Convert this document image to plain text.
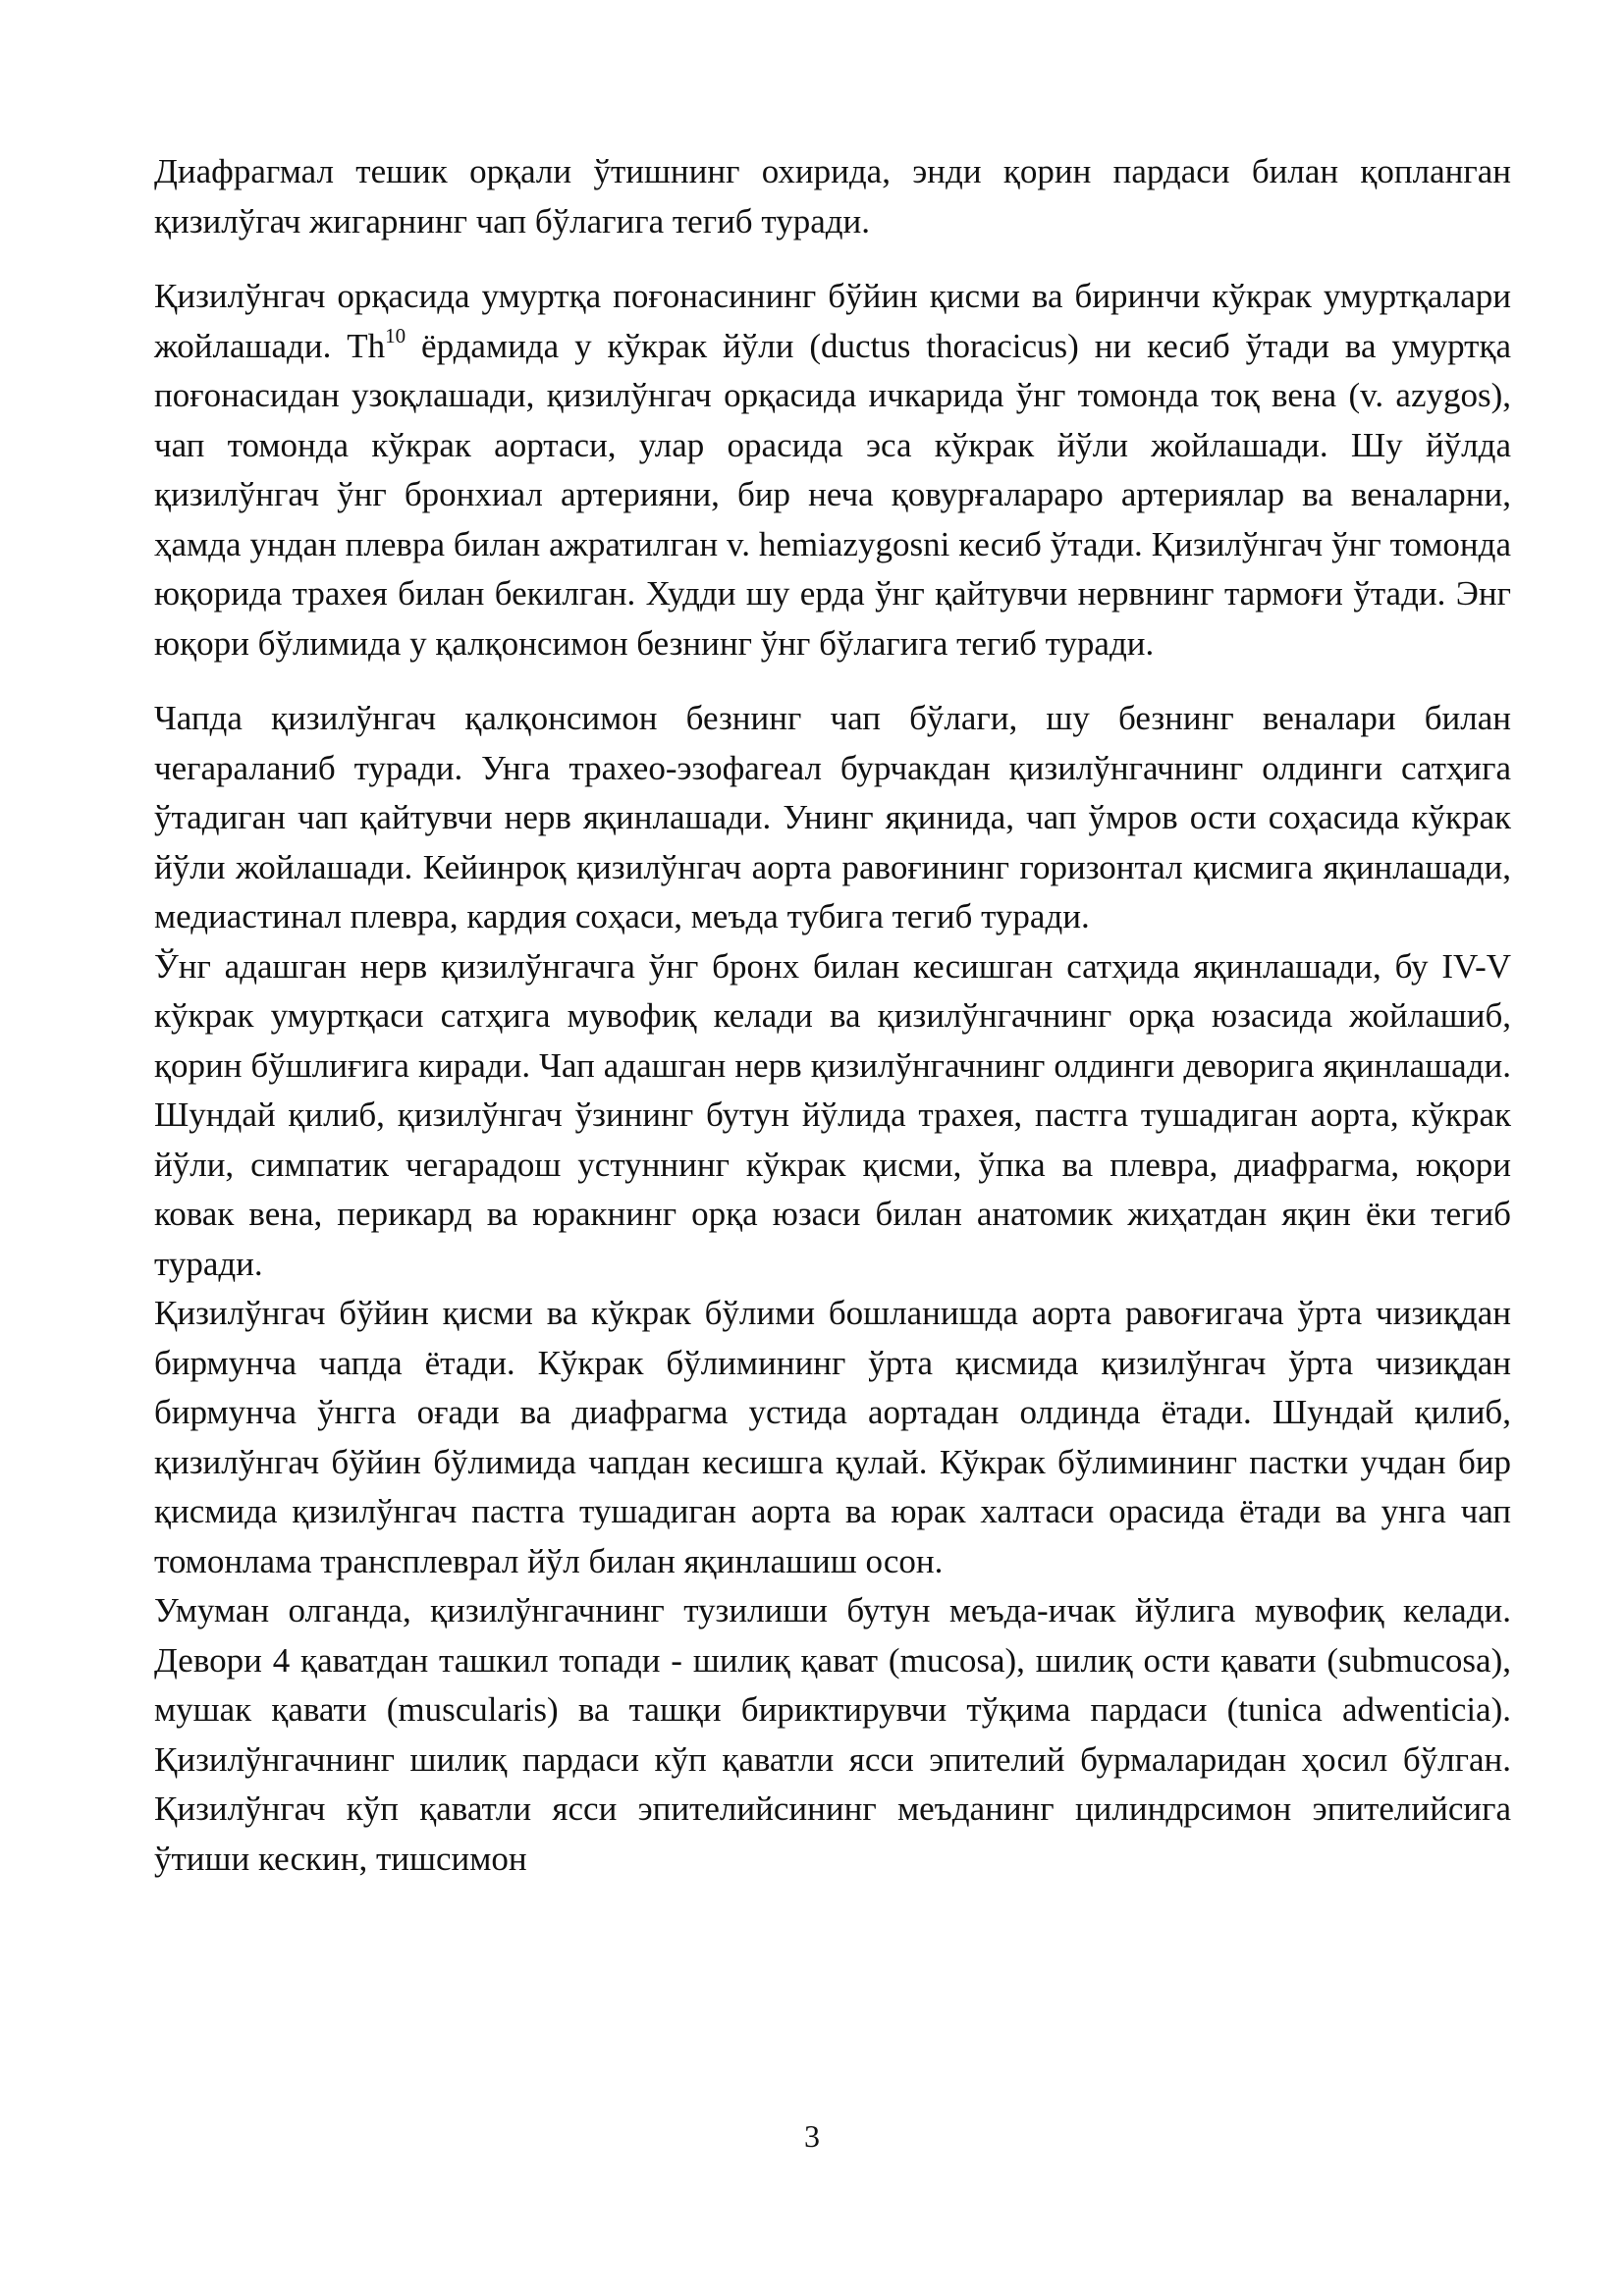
Диафрагмал тешик орқали ўтишнинг охирида, энди қорин пардаси билан қопланган қизилўгач жигарнинг чап бўлагига тегиб туради.

Қизилўнгач орқасида умуртқа поғонасининг бўйин қисми ва биринчи кўкрак умуртқалари жойлашади. Th$^{10}$ ёрдамида у кўкрак йўли (ductus thoracicus) ни кесиб ўтади ва умуртқа поғонасидан узоқлашади, қизилўнгач орқасида ичкарида ўнг томонда тоқ вена (v. azygos), чап томонда кўкрак аортаси, улар орасида эса кўкрак йўли жойлашади. Шу йўлда қизилўнгач ўнг бронхиал артерияни, бир неча қовурғалараро артериялар ва веналарни, ҳамда ундан плевра билан ажратилган v. hemiazygosni кесиб ўтади. Қизилўнгач ўнг томонда юқорида трахея билан бекилган. Худди шу ерда ўнг қайтувчи нервнинг тармоғи ўтади. Энг юқори бўлимида у қалқонсимон безнинг ўнг бўлагига тегиб туради.

Чапда қизилўнгач қалқонсимон безнинг чап бўлаги, шу безнинг веналари билан чегараланиб туради. Унга трахео-эзофагеал бурчакдан қизилўнгачнинг олдинги сатҳига ўтадиган чап қайтувчи нерв яқинлашади. Унинг яқинида, чап ўмров ости соҳасида кўкрак йўли жойлашади. Кейинроқ қизилўнгач аорта равоғининг горизонтал қисмига яқинлашади, медиастинал плевра, кардия соҳаси, меъда тубига тегиб туради.

Ўнг адашган нерв қизилўнгачга ўнг бронх билан кесишган сатҳида яқинлашади, бу IV-V кўкрак умуртқаси сатҳига мувофиқ келади ва қизилўнгачнинг орқа юзасида жойлашиб, қорин бўшлиғига киради. Чап адашган нерв қизилўнгачнинг олдинги деворига яқинлашади. Шундай қилиб, қизилўнгач ўзининг бутун йўлида трахея, пастга тушадиган аорта, кўкрак йўли, симпатик чегарадош устуннинг кўкрак қисми, ўпка ва плевра, диафрагма, юқори ковак вена, перикард ва юракнинг орқа юзаси билан анатомик жиҳатдан яқин ёки тегиб туради.

Қизилўнгач бўйин қисми ва кўкрак бўлими бошланишда аорта равоғигача ўрта чизиқдан бирмунча чапда ётади. Кўкрак бўлимининг ўрта қисмида қизилўнгач ўрта чизиқдан бирмунча ўнгга оғади ва диафрагма устида аортадан олдинда ётади. Шундай қилиб, қизилўнгач бўйин бўлимида чапдан кесишга қулай. Кўкрак бўлимининг пастки учдан бир қисмида қизилўнгач пастга тушадиган аорта ва юрак халтаси орасида ётади ва унга чап томонлама трансплеврал йўл билан яқинлашиш осон.

Умуман олганда, қизилўнгачнинг тузилиши бутун меъда-ичак йўлига мувофиқ келади. Девори 4 қаватдан ташкил топади - шилиқ қават (mucosa), шилиқ ости қавати (submucosa), мушак қавати (muscularis) ва ташқи бириктирувчи тўқима пардаси (tunica adwenticia). Қизилўнгачнинг шилиқ пардаси кўп қаватли ясси эпителий бурмаларидан ҳосил бўлган. Қизилўнгач кўп қаватли ясси эпителийсининг меъданинг цилиндрсимон эпителийсига ўтиши кескин, тишсимон

3
